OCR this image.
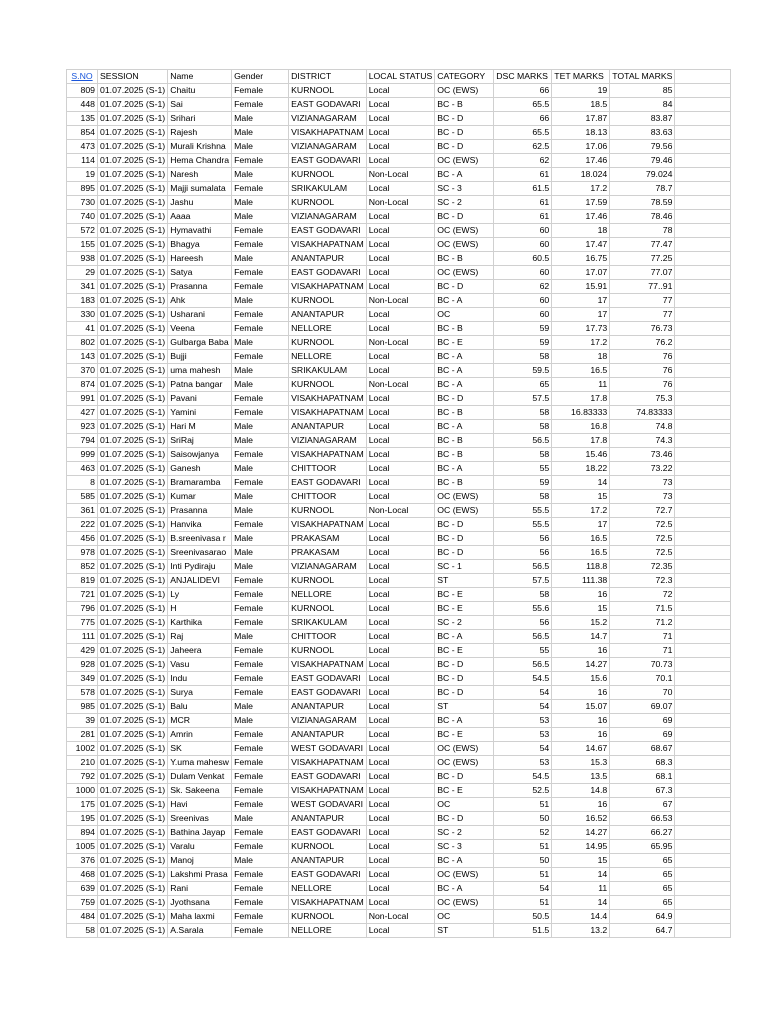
S.NO	SESSION	Name	Gender	DISTRICT	LOCAL STATUS	CATEGORY	DSC MARKS	TET MARKS	TOTAL MARKS	
809	01.07.2025 (S-1)	Chaitu	Female	KURNOOL	Local	OC (EWS)	66	19	85	
448	01.07.2025 (S-1)	Sai	Female	EAST GODAVARI	Local	BC - B	65.5	18.5	84	
135	01.07.2025 (S-1)	Srihari	Male	VIZIANAGARAM	Local	BC - D	66	17.87	83.87	
854	01.07.2025 (S-1)	Rajesh	Male	VISAKHAPATNAM	Local	BC - D	65.5	18.13	83.63	
473	01.07.2025 (S-1)	Murali Krishna	Male	VIZIANAGARAM	Local	BC - D	62.5	17.06	79.56	
114	01.07.2025 (S-1)	Hema Chandra	Female	EAST GODAVARI	Local	OC (EWS)	62	17.46	79.46	
19	01.07.2025 (S-1)	Naresh	Male	KURNOOL	Non-Local	BC - A	61	18.024	79.024	
895	01.07.2025 (S-1)	Majji sumalata	Female	SRIKAKULAM	Local	SC - 3	61.5	17.2	78.7	
730	01.07.2025 (S-1)	Jashu	Male	KURNOOL	Non-Local	SC - 2	61	17.59	78.59	
740	01.07.2025 (S-1)	Aaaa	Male	VIZIANAGARAM	Local	BC - D	61	17.46	78.46	
572	01.07.2025 (S-1)	Hymavathi	Female	EAST GODAVARI	Local	OC (EWS)	60	18	78	
155	01.07.2025 (S-1)	Bhagya	Female	VISAKHAPATNAM	Local	OC (EWS)	60	17.47	77.47	
938	01.07.2025 (S-1)	Hareesh	Male	ANANTAPUR	Local	BC - B	60.5	16.75	77.25	
29	01.07.2025 (S-1)	Satya	Female	EAST GODAVARI	Local	OC (EWS)	60	17.07	77.07	
341	01.07.2025 (S-1)	Prasanna	Female	VISAKHAPATNAM	Local	BC - D	62	15.91	77..91	
183	01.07.2025 (S-1)	Ahk	Male	KURNOOL	Non-Local	BC - A	60	17	77	
330	01.07.2025 (S-1)	Usharani	Female	ANANTAPUR	Local	OC	60	17	77	
41	01.07.2025 (S-1)	Veena	Female	NELLORE	Local	BC - B	59	17.73	76.73	
802	01.07.2025 (S-1)	Gulbarga Baba	Male	KURNOOL	Non-Local	BC - E	59	17.2	76.2	
143	01.07.2025 (S-1)	Bujji	Female	NELLORE	Local	BC - A	58	18	76	
370	01.07.2025 (S-1)	uma mahesh	Male	SRIKAKULAM	Local	BC - A	59.5	16.5	76	
874	01.07.2025 (S-1)	Patna bangar	Male	KURNOOL	Non-Local	BC - A	65	11	76	
991	01.07.2025 (S-1)	Pavani	Female	VISAKHAPATNAM	Local	BC - D	57.5	17.8	75.3	
427	01.07.2025 (S-1)	Yamini	Female	VISAKHAPATNAM	Local	BC - B	58	16.83333	74.83333	
923	01.07.2025 (S-1)	Hari M	Male	ANANTAPUR	Local	BC - A	58	16.8	74.8	
794	01.07.2025 (S-1)	SriRaj	Male	VIZIANAGARAM	Local	BC - B	56.5	17.8	74.3	
999	01.07.2025 (S-1)	Saisowjanya	Female	VISAKHAPATNAM	Local	BC - B	58	15.46	73.46	
463	01.07.2025 (S-1)	Ganesh	Male	CHITTOOR	Local	BC - A	55	18.22	73.22	
8	01.07.2025 (S-1)	Bramaramba	Female	EAST GODAVARI	Local	BC - B	59	14	73	
585	01.07.2025 (S-1)	Kumar	Male	CHITTOOR	Local	OC (EWS)	58	15	73	
361	01.07.2025 (S-1)	Prasanna	Male	KURNOOL	Non-Local	OC (EWS)	55.5	17.2	72.7	
222	01.07.2025 (S-1)	Hanvika	Female	VISAKHAPATNAM	Local	BC - D	55.5	17	72.5	
456	01.07.2025 (S-1)	B.sreenivasa r	Male	PRAKASAM	Local	BC - D	56	16.5	72.5	
978	01.07.2025 (S-1)	Sreenivasarao	Male	PRAKASAM	Local	BC - D	56	16.5	72.5	
852	01.07.2025 (S-1)	Inti Pydiraju	Male	VIZIANAGARAM	Local	SC - 1	56.5	118.8	72.35	
819	01.07.2025 (S-1)	ANJALIDEVI	Female	KURNOOL	Local	ST	57.5	111.38	72.3	
721	01.07.2025 (S-1)	Ly	Female	NELLORE	Local	BC - E	58	16	72	
796	01.07.2025 (S-1)	H	Female	KURNOOL	Local	BC - E	55.6	15	71.5	
775	01.07.2025 (S-1)	Karthika	Female	SRIKAKULAM	Local	SC - 2	56	15.2	71.2	
111	01.07.2025 (S-1)	Raj	Male	CHITTOOR	Local	BC - A	56.5	14.7	71	
429	01.07.2025 (S-1)	Jaheera	Female	KURNOOL	Local	BC - E	55	16	71	
928	01.07.2025 (S-1)	Vasu	Female	VISAKHAPATNAM	Local	BC - D	56.5	14.27	70.73	
349	01.07.2025 (S-1)	Indu	Female	EAST GODAVARI	Local	BC - D	54.5	15.6	70.1	
578	01.07.2025 (S-1)	Surya	Female	EAST GODAVARI	Local	BC - D	54	16	70	
985	01.07.2025 (S-1)	Balu	Male	ANANTAPUR	Local	ST	54	15.07	69.07	
39	01.07.2025 (S-1)	MCR	Male	VIZIANAGARAM	Local	BC - A	53	16	69	
281	01.07.2025 (S-1)	Amrin	Female	ANANTAPUR	Local	BC - E	53	16	69	
1002	01.07.2025 (S-1)	SK	Female	WEST GODAVARI	Local	OC (EWS)	54	14.67	68.67	
210	01.07.2025 (S-1)	Y.uma mahesw	Female	VISAKHAPATNAM	Local	OC (EWS)	53	15.3	68.3	
792	01.07.2025 (S-1)	Dulam Venkat	Female	EAST GODAVARI	Local	BC - D	54.5	13.5	68.1	
1000	01.07.2025 (S-1)	Sk. Sakeena	Female	VISAKHAPATNAM	Local	BC - E	52.5	14.8	67.3	
175	01.07.2025 (S-1)	Havi	Female	WEST GODAVARI	Local	OC	51	16	67	
195	01.07.2025 (S-1)	Sreenivas	Male	ANANTAPUR	Local	BC - D	50	16.52	66.53	
894	01.07.2025 (S-1)	Bathina Jayap	Female	EAST GODAVARI	Local	SC - 2	52	14.27	66.27	
1005	01.07.2025 (S-1)	Varalu	Female	KURNOOL	Local	SC - 3	51	14.95	65.95	
376	01.07.2025 (S-1)	Manoj	Male	ANANTAPUR	Local	BC - A	50	15	65	
468	01.07.2025 (S-1)	Lakshmi Prasa	Female	EAST GODAVARI	Local	OC (EWS)	51	14	65	
639	01.07.2025 (S-1)	Rani	Female	NELLORE	Local	BC - A	54	11	65	
759	01.07.2025 (S-1)	Jyothsana	Female	VISAKHAPATNAM	Local	OC (EWS)	51	14	65	
484	01.07.2025 (S-1)	Maha laxmi	Female	KURNOOL	Non-Local	OC	50.5	14.4	64.9	
58	01.07.2025 (S-1)	A.Sarala	Female	NELLORE	Local	ST	51.5	13.2	64.7	
